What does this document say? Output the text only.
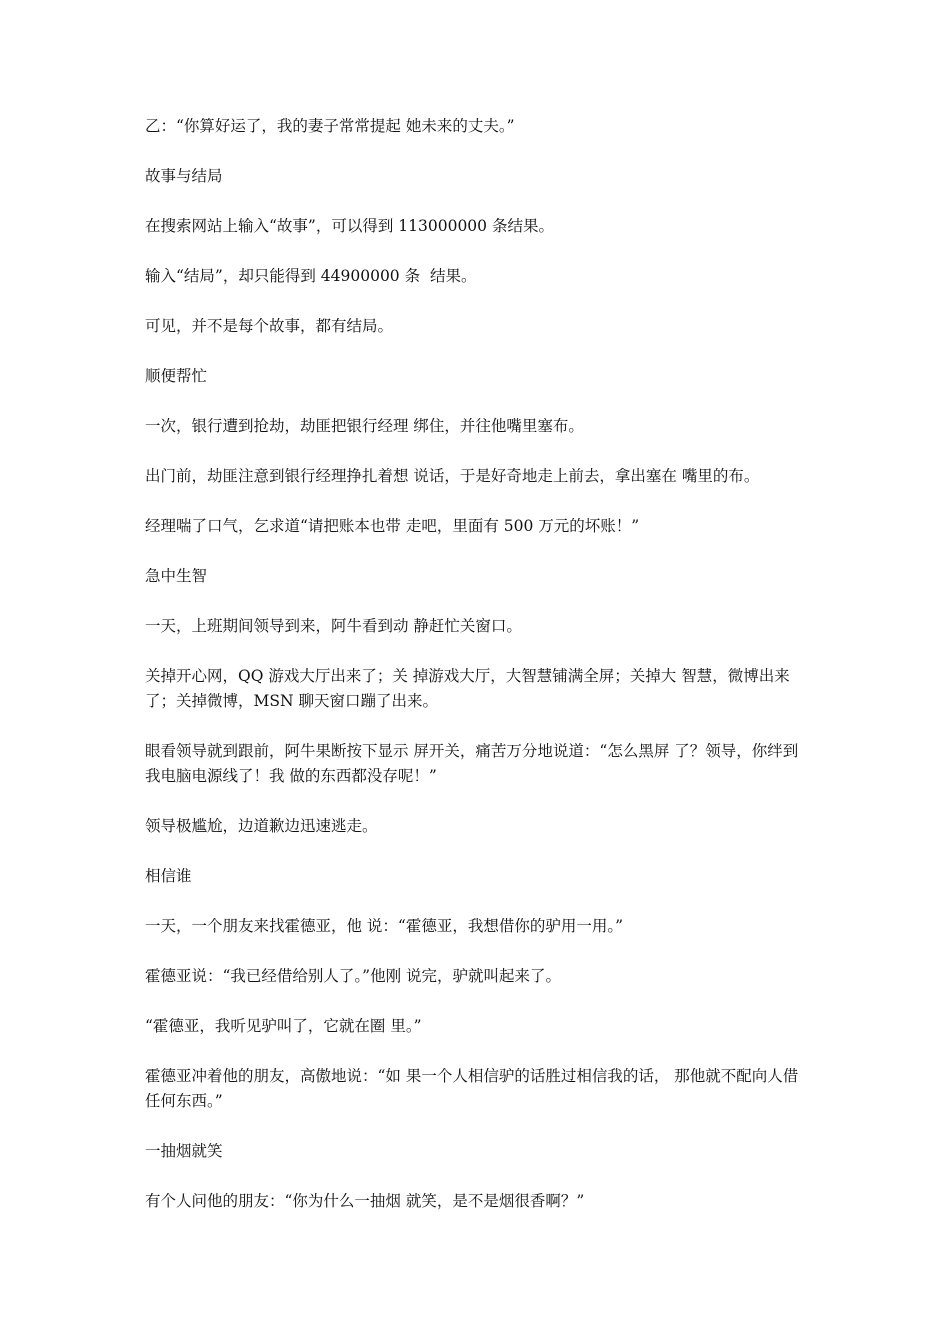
乙：“你算好运了，我的妻子常常提起 她未来的丈夫。”

故事与结局

在搜索网站上输入“故事”，可以得到 113000000 条结果。

输入“结局”，却只能得到 44900000 条  结果。

可见，并不是每个故事，都有结局。

顺便帮忙

一次，银行遭到抢劫，劫匪把银行经理 绑住，并往他嘴里塞布。

出门前，劫匪注意到银行经理挣扎着想 说话，于是好奇地走上前去，拿出塞在 嘴里的布。

经理喘了口气，乞求道“请把账本也带 走吧，里面有 500 万元的坏账！”

急中生智

一天，上班期间领导到来，阿牛看到动 静赶忙关窗口。

关掉开心网，QQ 游戏大厅出来了；关 掉游戏大厅，大智慧铺满全屏；关掉大 智慧，微博出来了；关掉微博，MSN 聊天窗口蹦了出来。

眼看领导就到跟前，阿牛果断按下显示 屏开关，痛苦万分地说道：“怎么黑屏 了？领导，你绊到我电脑电源线了！我 做的东西都没存呢！”

领导极尴尬，边道歉边迅速逃走。

相信谁

一天，一个朋友来找霍德亚，他 说：“霍德亚，我想借你的驴用一用。”

霍德亚说：“我已经借给别人了。”他刚 说完，驴就叫起来了。

“霍德亚，我听见驴叫了，它就在圈 里。”

霍德亚冲着他的朋友，高傲地说：“如 果一个人相信驴的话胜过相信我的话， 那他就不配向人借任何东西。”

一抽烟就笑

有个人问他的朋友：“你为什么一抽烟 就笑，是不是烟很香啊？”
